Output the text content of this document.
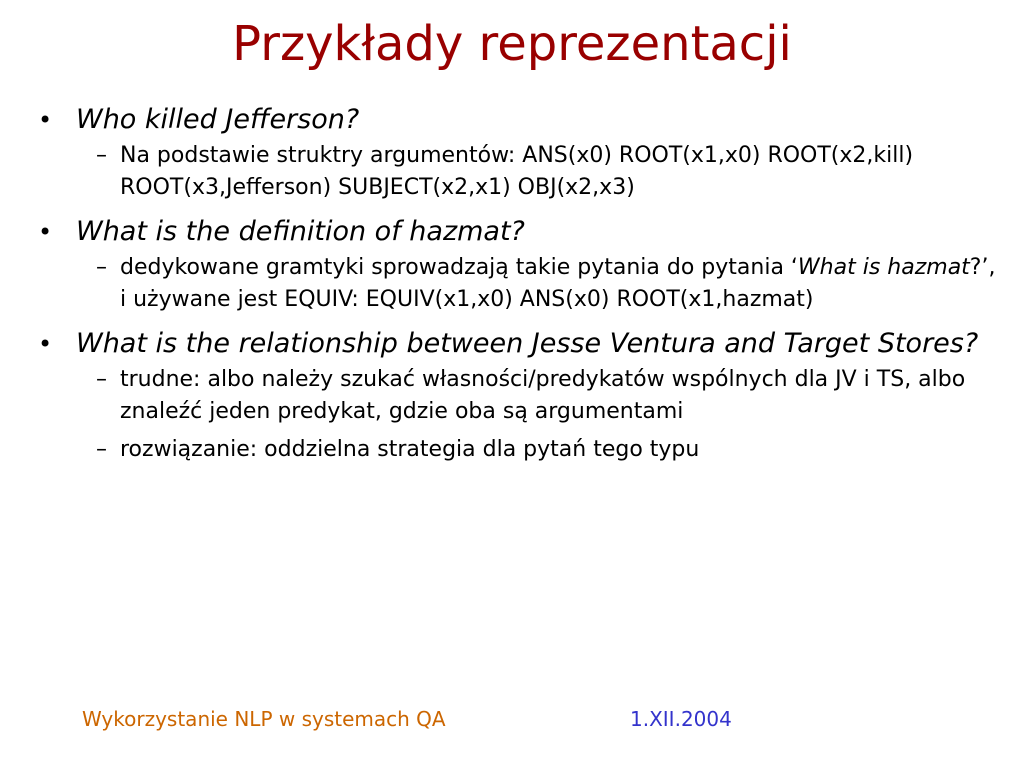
Przykłady reprezentacji
• Who killed Jefferson?
– Na podstawie struktry argumentów: ANS(x0) ROOT(x1,x0) ROOT(x2,kill) ROOT(x3,Jefferson) SUBJECT(x2,x1) OBJ(x2,x3)
• What is the definition of hazmat?
– dedykowane gramtyki sprowadzają takie pytania do pytania ‘What is hazmat?’, i używane jest EQUIV: EQUIV(x1,x0) ANS(x0) ROOT(x1,hazmat)
• What is the relationship between Jesse Ventura and Target Stores?
– trudne: albo należy szukać własności/predykatów wspólnych dla JV i TS, albo znaleźć jeden predykat, gdzie oba są argumentami
– rozwiązanie: oddzielna strategia dla pytań tego typu
Wykorzystanie NLP w systemach QA	1.XII.2004
